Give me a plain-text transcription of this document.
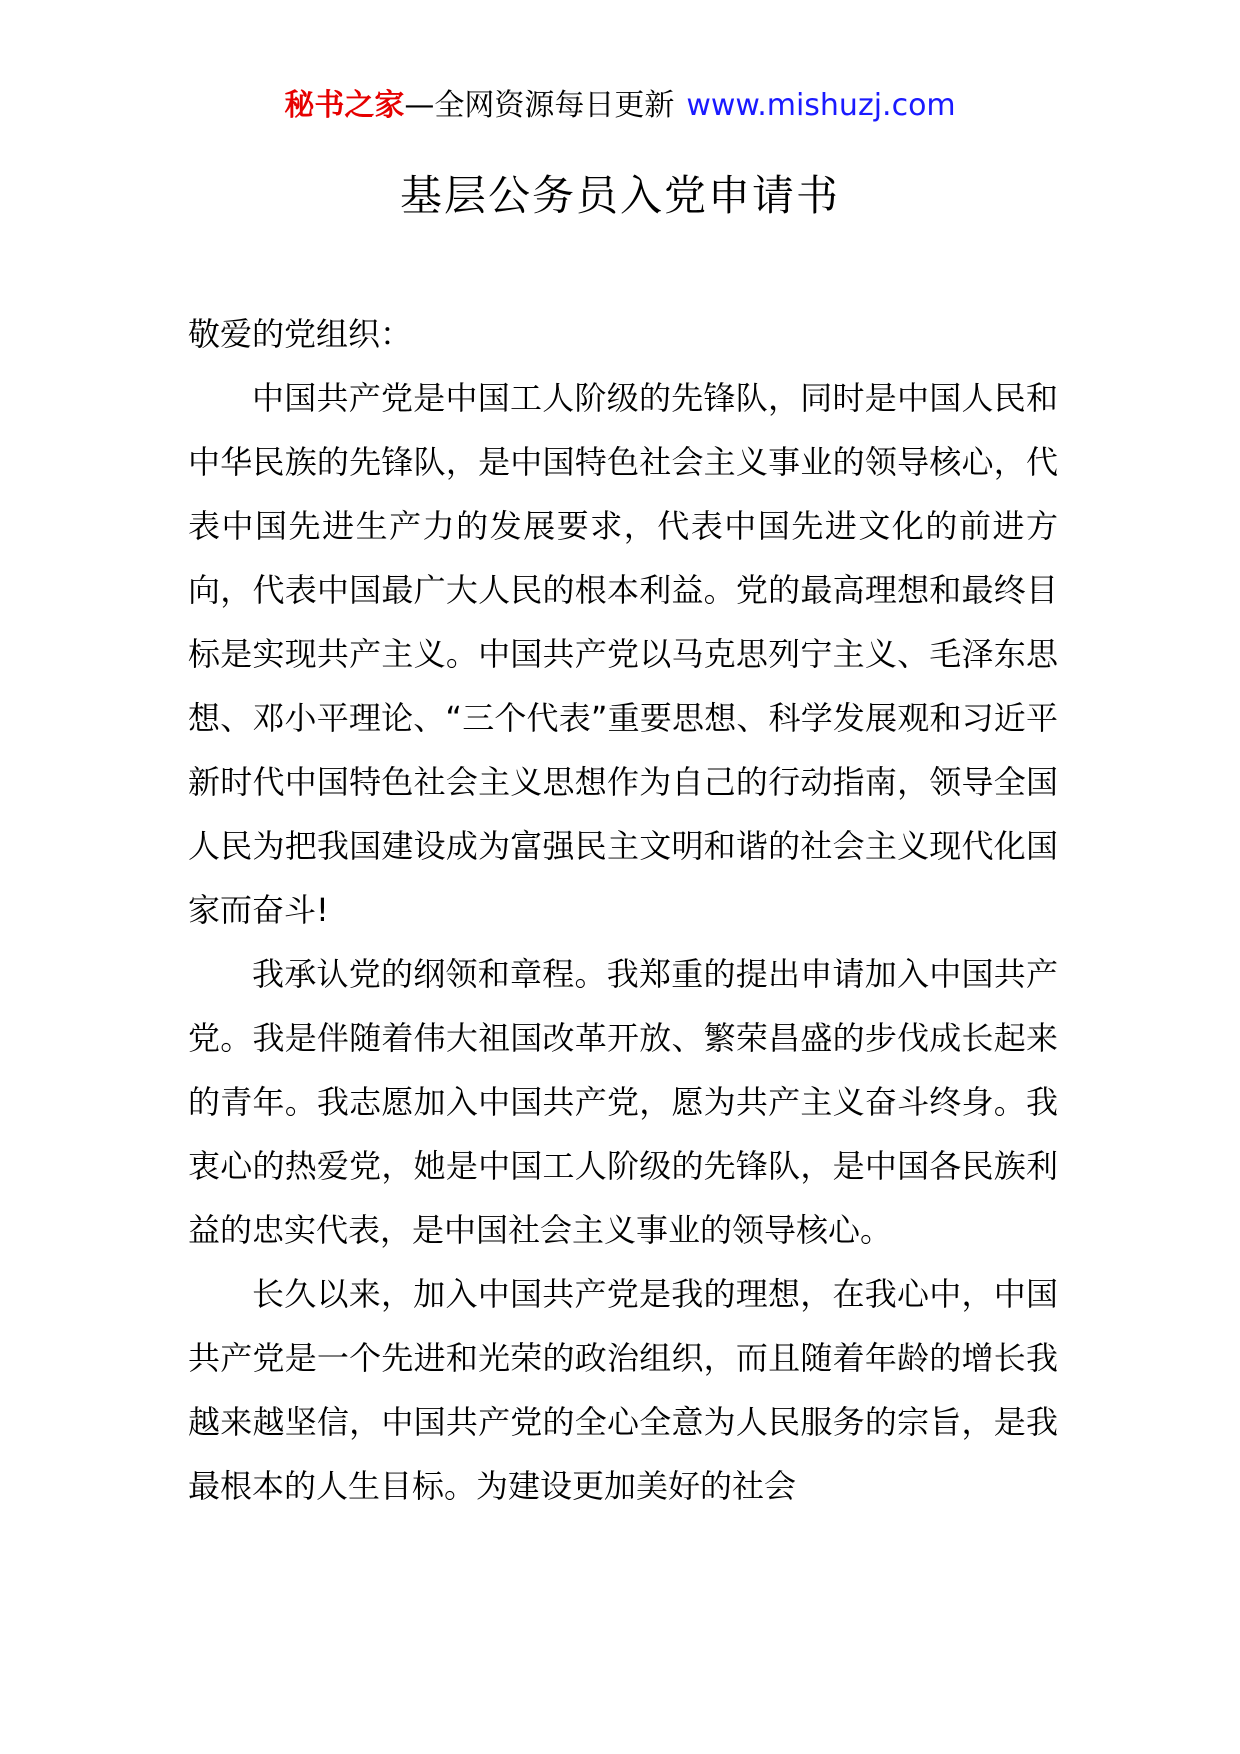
秘书之家—全网资源每日更新 www.mishuzj.com
基层公务员入党申请书

敬爱的党组织：

中国共产党是中国工人阶级的先锋队，同时是中国人民和中华民族的先锋队，是中国特色社会主义事业的领导核心，代表中国先进生产力的发展要求，代表中国先进文化的前进方向，代表中国最广大人民的根本利益。党的最高理想和最终目标是实现共产主义。中国共产党以马克思列宁主义、毛泽东思想、邓小平理论、“三个代表”重要思想、科学发展观和习近平新时代中国特色社会主义思想作为自己的行动指南，领导全国人民为把我国建设成为富强民主文明和谐的社会主义现代化国家而奋斗!

我承认党的纲领和章程。我郑重的提出申请加入中国共产党。我是伴随着伟大祖国改革开放、繁荣昌盛的步伐成长起来的青年。我志愿加入中国共产党，愿为共产主义奋斗终身。我衷心的热爱党，她是中国工人阶级的先锋队，是中国各民族利益的忠实代表，是中国社会主义事业的领导核心。

长久以来，加入中国共产党是我的理想，在我心中，中国共产党是一个先进和光荣的政治组织，而且随着年龄的增长我越来越坚信，中国共产党的全心全意为人民服务的宗旨，是我最根本的人生目标。为建设更加美好的社会
